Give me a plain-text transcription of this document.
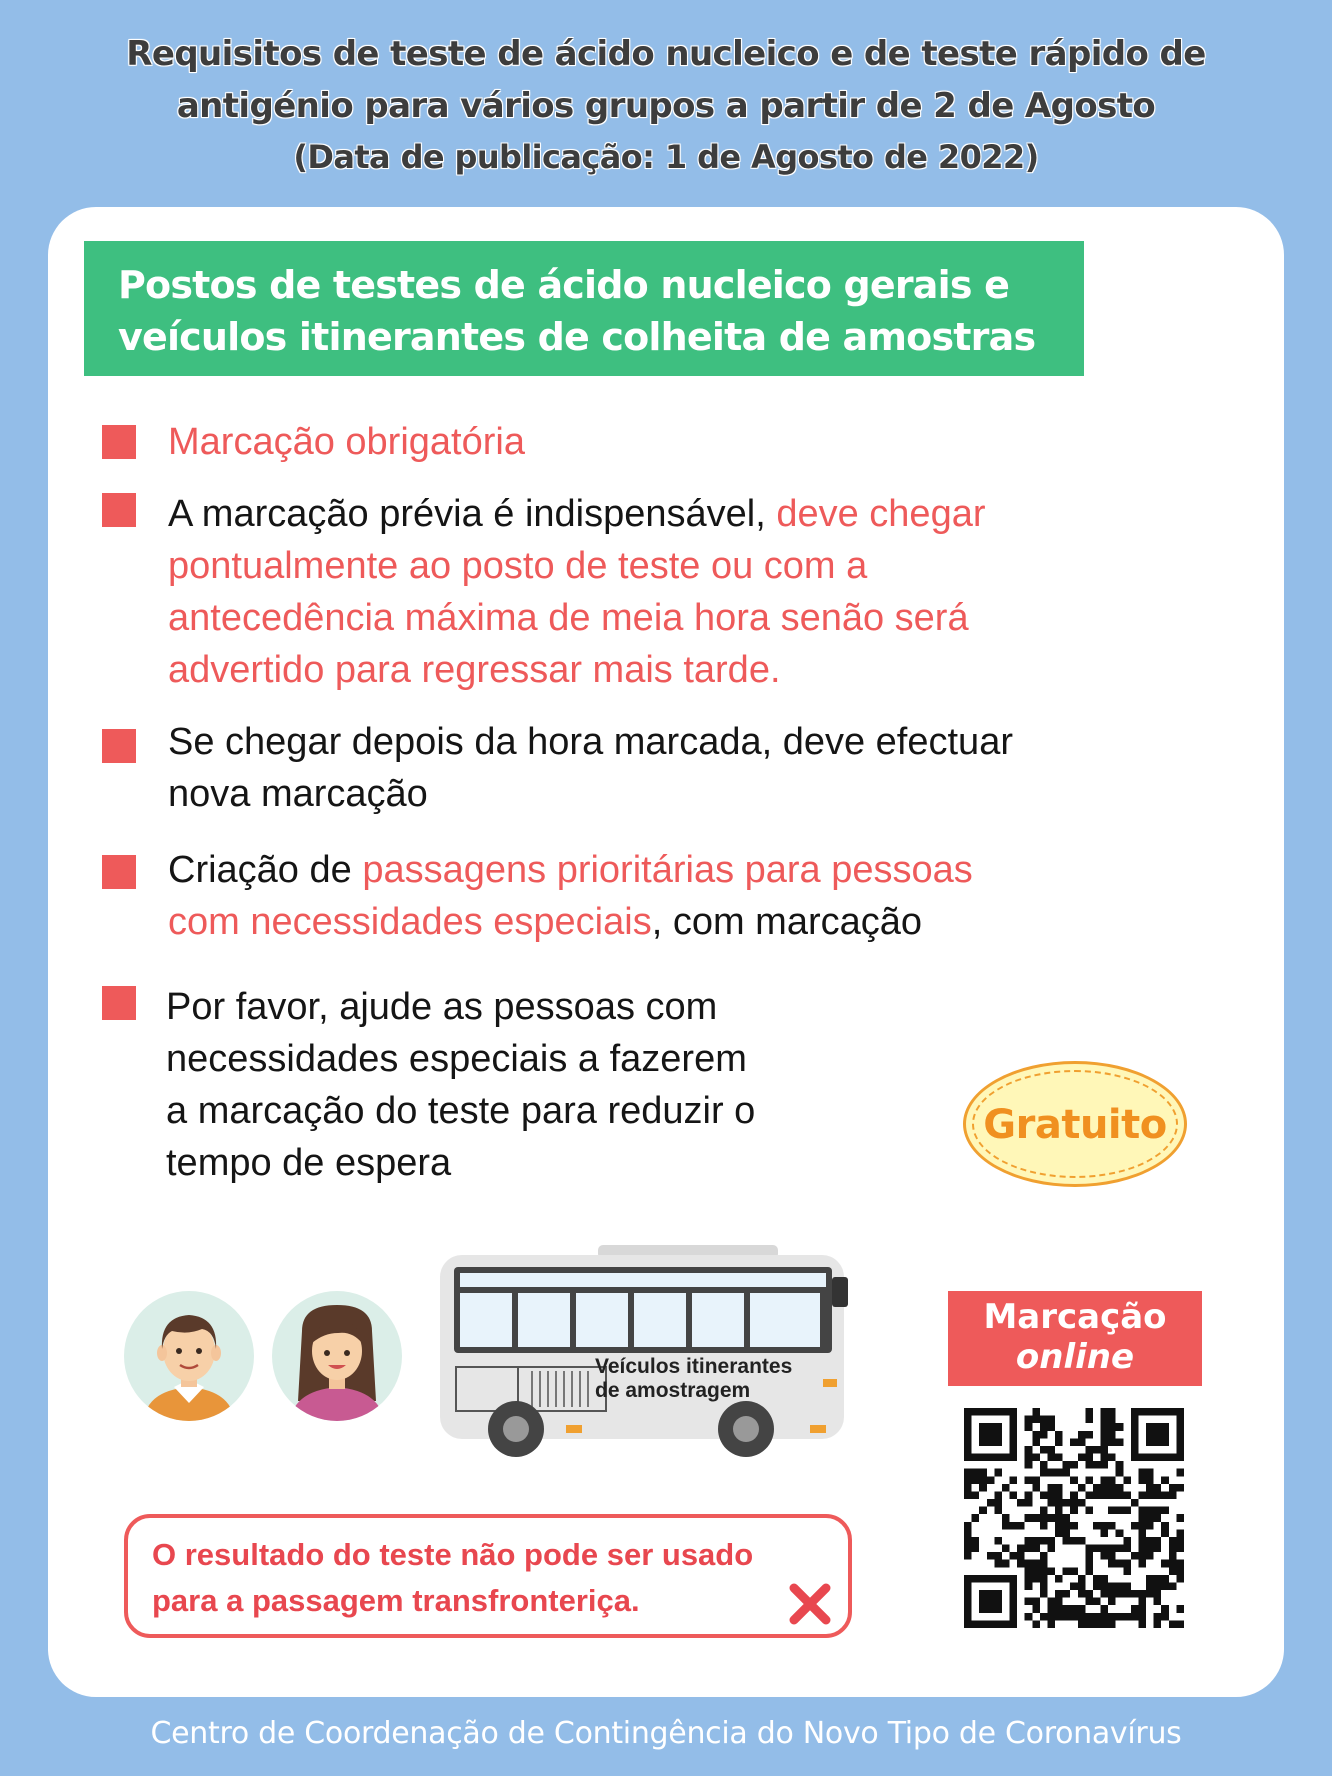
Requisitos de teste de ácido nucleico e de teste rápido de
antigénio para vários grupos a partir de 2 de Agosto
(Data de publicação: 1 de Agosto de 2022)
Postos de testes de ácido nucleico gerais e
veículos itinerantes de colheita de amostras
Marcação obrigatória
A marcação prévia é indispensável, deve chegar
pontualmente ao posto de teste ou com a
antecedência máxima de meia hora senão será
advertido para regressar mais tarde.
Se chegar depois da hora marcada, deve efectuar
nova marcação
Criação de passagens prioritárias para pessoas
com necessidades especiais, com marcação
Por favor, ajude as pessoas com
necessidades especiais a fazerem
a marcação do teste para reduzir o
tempo de espera
Gratuito
Veículos itinerantes
de amostragem
Marcação
online
O resultado do teste não pode ser usado
para a passagem transfronteriça.
Centro de Coordenação de Contingência do Novo Tipo de Coronavírus
